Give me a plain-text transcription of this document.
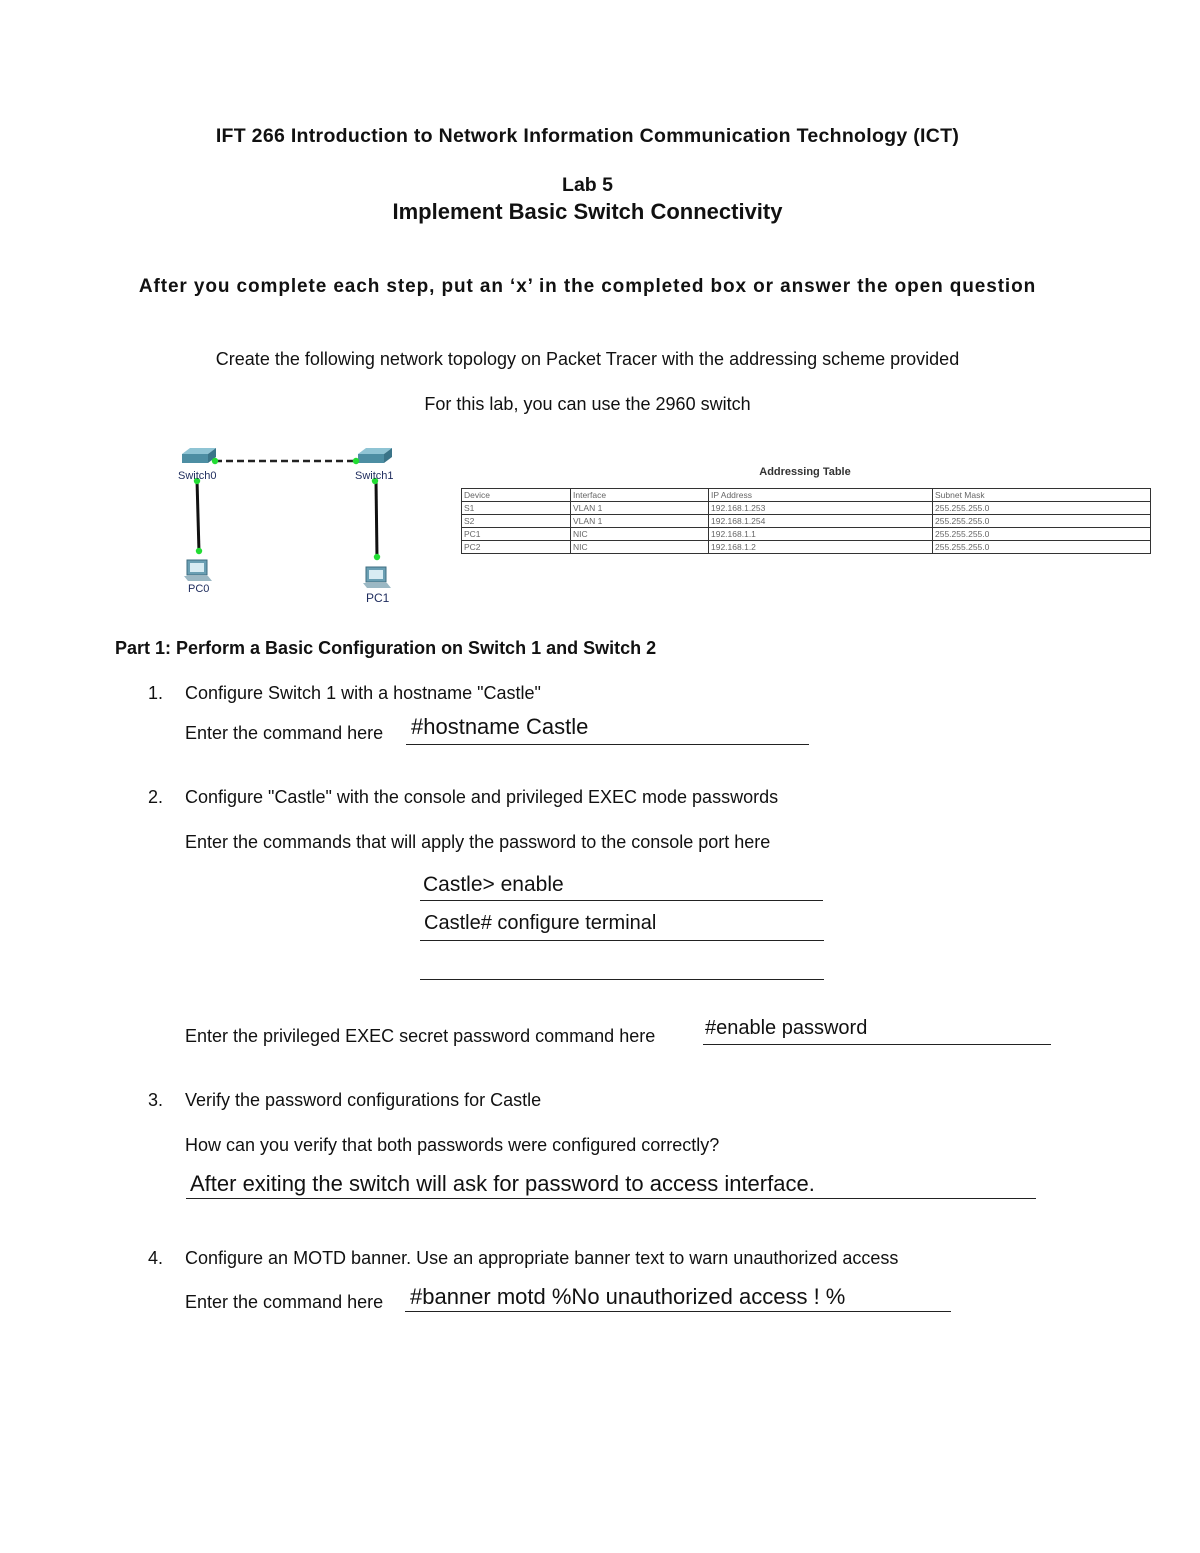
IFT 266 Introduction to Network Information Communication Technology (ICT)
Lab 5
Implement Basic Switch Connectivity
After you complete each step, put an ‘x’ in the completed box or answer the open question
Create the following network topology on Packet Tracer with the addressing scheme provided
For this lab, you can use the 2960 switch
Switch0	Switch1
PC0
PC1
Addressing Table
Device	Interface	IP Address	Subnet Mask
S1	VLAN 1	192.168.1.253	255.255.255.0
S2	VLAN 1	192.168.1.254	255.255.255.0
PC1	NIC	192.168.1.1	255.255.255.0
PC2	NIC	192.168.1.2	255.255.255.0
Part 1: Perform a Basic Configuration on Switch 1 and Switch 2
1. Configure Switch 1 with a hostname "Castle"
Enter the command here #hostname Castle
2. Configure "Castle" with the console and privileged EXEC mode passwords
Enter the commands that will apply the password to the console port here
Castle> enable
Castle# configure terminal
Enter the privileged EXEC secret password command here #enable password
3. Verify the password configurations for Castle
How can you verify that both passwords were configured correctly?
After exiting the switch will ask for password to access interface.
4. Configure an MOTD banner. Use an appropriate banner text to warn unauthorized access
Enter the command here #banner motd %No unauthorized access ! %
